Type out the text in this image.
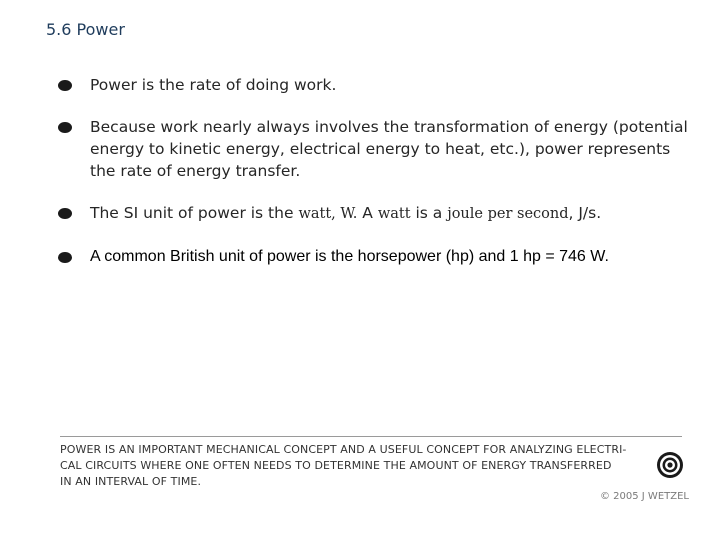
5.6 Power
Power is the rate of doing work.
Because work nearly always involves the transformation of energy (potential
energy to kinetic energy, electrical energy to heat, etc.), power represents
the rate of energy transfer.
The SI unit of power is the watt, W. A watt is a joule per second, J/s.
A common British unit of power is the horsepower (hp) and 1 hp = 746 W.
POWER IS AN IMPORTANT MECHANICAL CONCEPT AND A USEFUL CONCEPT FOR ANALYZING ELECTRI-
CAL CIRCUITS WHERE ONE OFTEN NEEDS TO DETERMINE THE AMOUNT OF ENERGY TRANSFERRED
IN AN INTERVAL OF TIME.
© 2005 J WETZEL
